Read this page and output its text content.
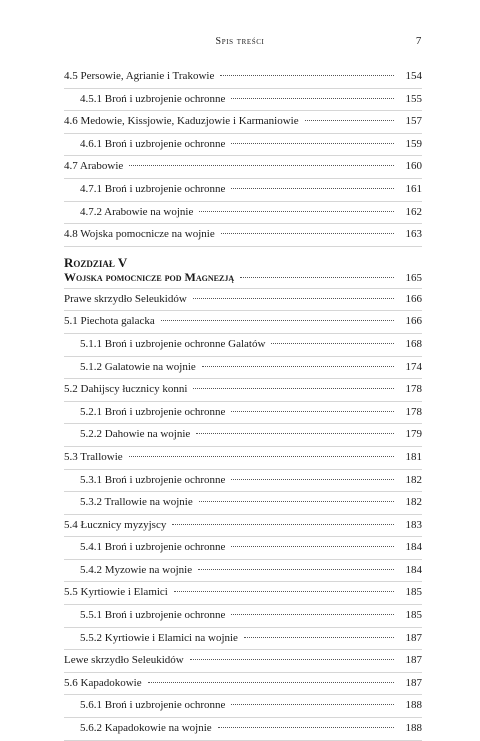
Spis treści	7
4.5 Persowie, Agrianie i Trakowie	154
4.5.1 Broń i uzbrojenie ochronne	155
4.6 Medowie, Kissjowie, Kaduzjowie i Karmaniowie	157
4.6.1 Broń i uzbrojenie ochronne	159
4.7 Arabowie	160
4.7.1 Broń i uzbrojenie ochronne	161
4.7.2 Arabowie na wojnie	162
4.8 Wojska pomocnicze na wojnie	163
Rozdział V
Wojska pomocnicze pod Magnezją	165
Prawe skrzydło Seleukidów	166
5.1 Piechota galacka	166
5.1.1 Broń i uzbrojenie ochronne Galatów	168
5.1.2 Galatowie na wojnie	174
5.2 Dahijscy łucznicy konni	178
5.2.1 Broń i uzbrojenie ochronne	178
5.2.2 Dahowie na wojnie	179
5.3 Trallowie	181
5.3.1 Broń i uzbrojenie ochronne	182
5.3.2 Trallowie na wojnie	182
5.4 Łucznicy myzyjscy	183
5.4.1 Broń i uzbrojenie ochronne	184
5.4.2 Myzowie na wojnie	184
5.5 Kyrtiowie i Elamici	185
5.5.1 Broń i uzbrojenie ochronne	185
5.5.2 Kyrtiowie i Elamici na wojnie	187
Lewe skrzydło Seleukidów	187
5.6 Kapadokowie	187
5.6.1 Broń i uzbrojenie ochronne	188
5.6.2 Kapadokowie na wojnie	188
